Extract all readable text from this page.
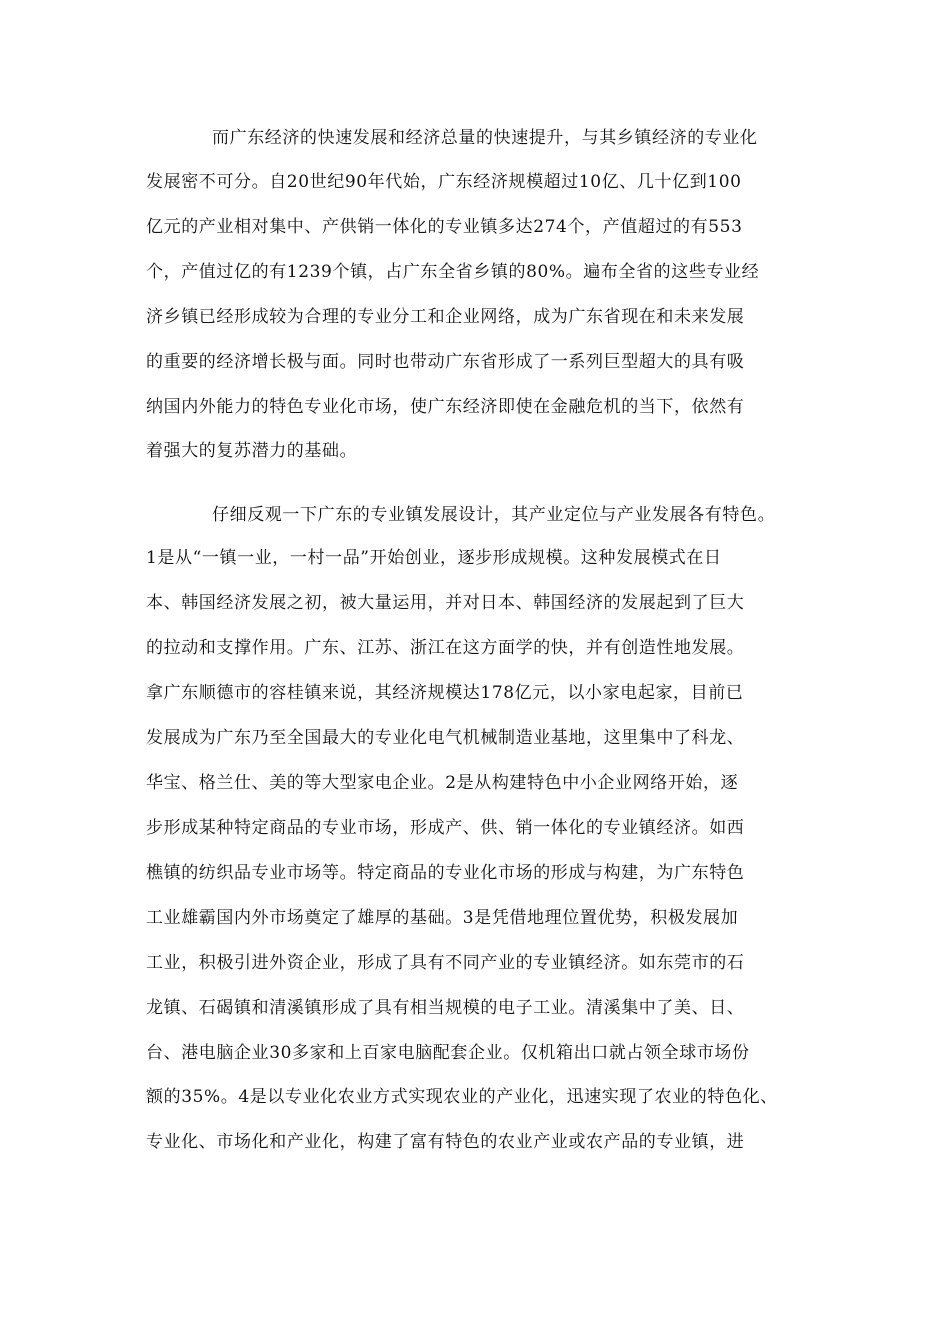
而广东经济的快速发展和经济总量的快速提升，与其乡镇经济的专业化
发展密不可分。自20世纪90年代始，广东经济规模超过10亿、几十亿到100
亿元的产业相对集中、产供销一体化的专业镇多达274个，产值超过的有553
个，产值过亿的有1239个镇，占广东全省乡镇的80%。遍布全省的这些专业经
济乡镇已经形成较为合理的专业分工和企业网络，成为广东省现在和未来发展
的重要的经济增长极与面。同时也带动广东省形成了一系列巨型超大的具有吸
纳国内外能力的特色专业化市场，使广东经济即使在金融危机的当下，依然有
着强大的复苏潜力的基础。
仔细反观一下广东的专业镇发展设计，其产业定位与产业发展各有特色。
1是从“一镇一业，一村一品”开始创业，逐步形成规模。这种发展模式在日
本、韩国经济发展之初，被大量运用，并对日本、韩国经济的发展起到了巨大
的拉动和支撑作用。广东、江苏、浙江在这方面学的快，并有创造性地发展。
拿广东顺德市的容桂镇来说，其经济规模达178亿元，以小家电起家，目前已
发展成为广东乃至全国最大的专业化电气机械制造业基地，这里集中了科龙、
华宝、格兰仕、美的等大型家电企业。2是从构建特色中小企业网络开始，逐
步形成某种特定商品的专业市场，形成产、供、销一体化的专业镇经济。如西
樵镇的纺织品专业市场等。特定商品的专业化市场的形成与构建，为广东特色
工业雄霸国内外市场奠定了雄厚的基础。3是凭借地理位置优势，积极发展加
工业，积极引进外资企业，形成了具有不同产业的专业镇经济。如东莞市的石
龙镇、石碣镇和清溪镇形成了具有相当规模的电子工业。清溪集中了美、日、
台、港电脑企业30多家和上百家电脑配套企业。仅机箱出口就占领全球市场份
额的35%。4是以专业化农业方式实现农业的产业化，迅速实现了农业的特色化、
专业化、市场化和产业化，构建了富有特色的农业产业或农产品的专业镇，进
